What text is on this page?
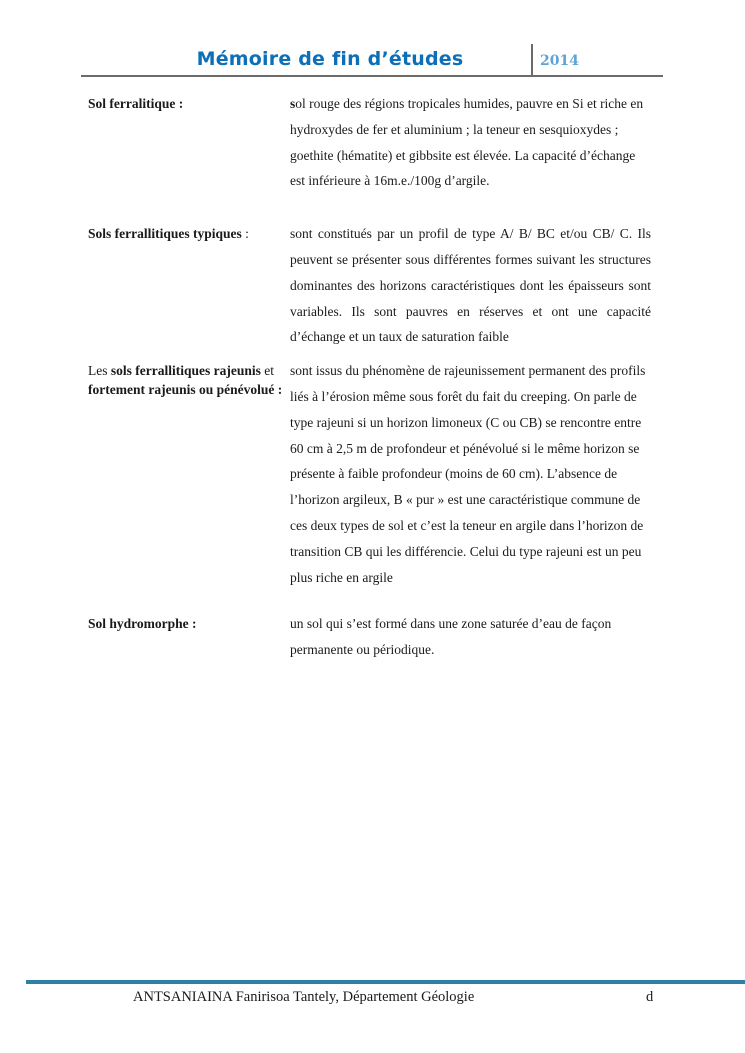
Mémoire de fin d’études	2014
Sol ferralitique :	sol rouge des régions tropicales humides, pauvre en Si et riche en hydroxydes de fer et aluminium ; la teneur en sesquioxydes ; goethite (hématite) et gibbsite est élevée. La capacité d’échange est inférieure à 16m.e./100g d’argile.
Sols ferrallitiques typiques :	sont constitués par un profil de type A/ B/ BC et/ou CB/ C. Ils peuvent se présenter sous différentes formes suivant les structures dominantes des horizons caractéristiques dont les épaisseurs sont variables. Ils sont pauvres en réserves et ont une capacité d’échange et un taux de saturation faible
Les sols ferrallitiques rajeunis et fortement rajeunis ou pénévolué :
sont issus du phénomène de rajeunissement permanent des profils liés à l’érosion même sous forêt du fait du creeping. On parle de type rajeuni si un horizon limoneux (C ou CB) se rencontre entre 60 cm à 2,5 m de profondeur et pénévolué si le même horizon se présente à faible profondeur (moins de 60 cm). L’absence de l’horizon argileux, B « pur » est une caractéristique commune de ces deux types de sol et c’est la teneur en argile dans l’horizon de transition CB qui les différencie. Celui du type rajeuni est un peu plus riche en argile
Sol hydromorphe :	un sol qui s’est formé dans une zone saturée d’eau de façon permanente ou périodique.
ANTSANIAINA Fanirisoa Tantely, Département Géologie	d
